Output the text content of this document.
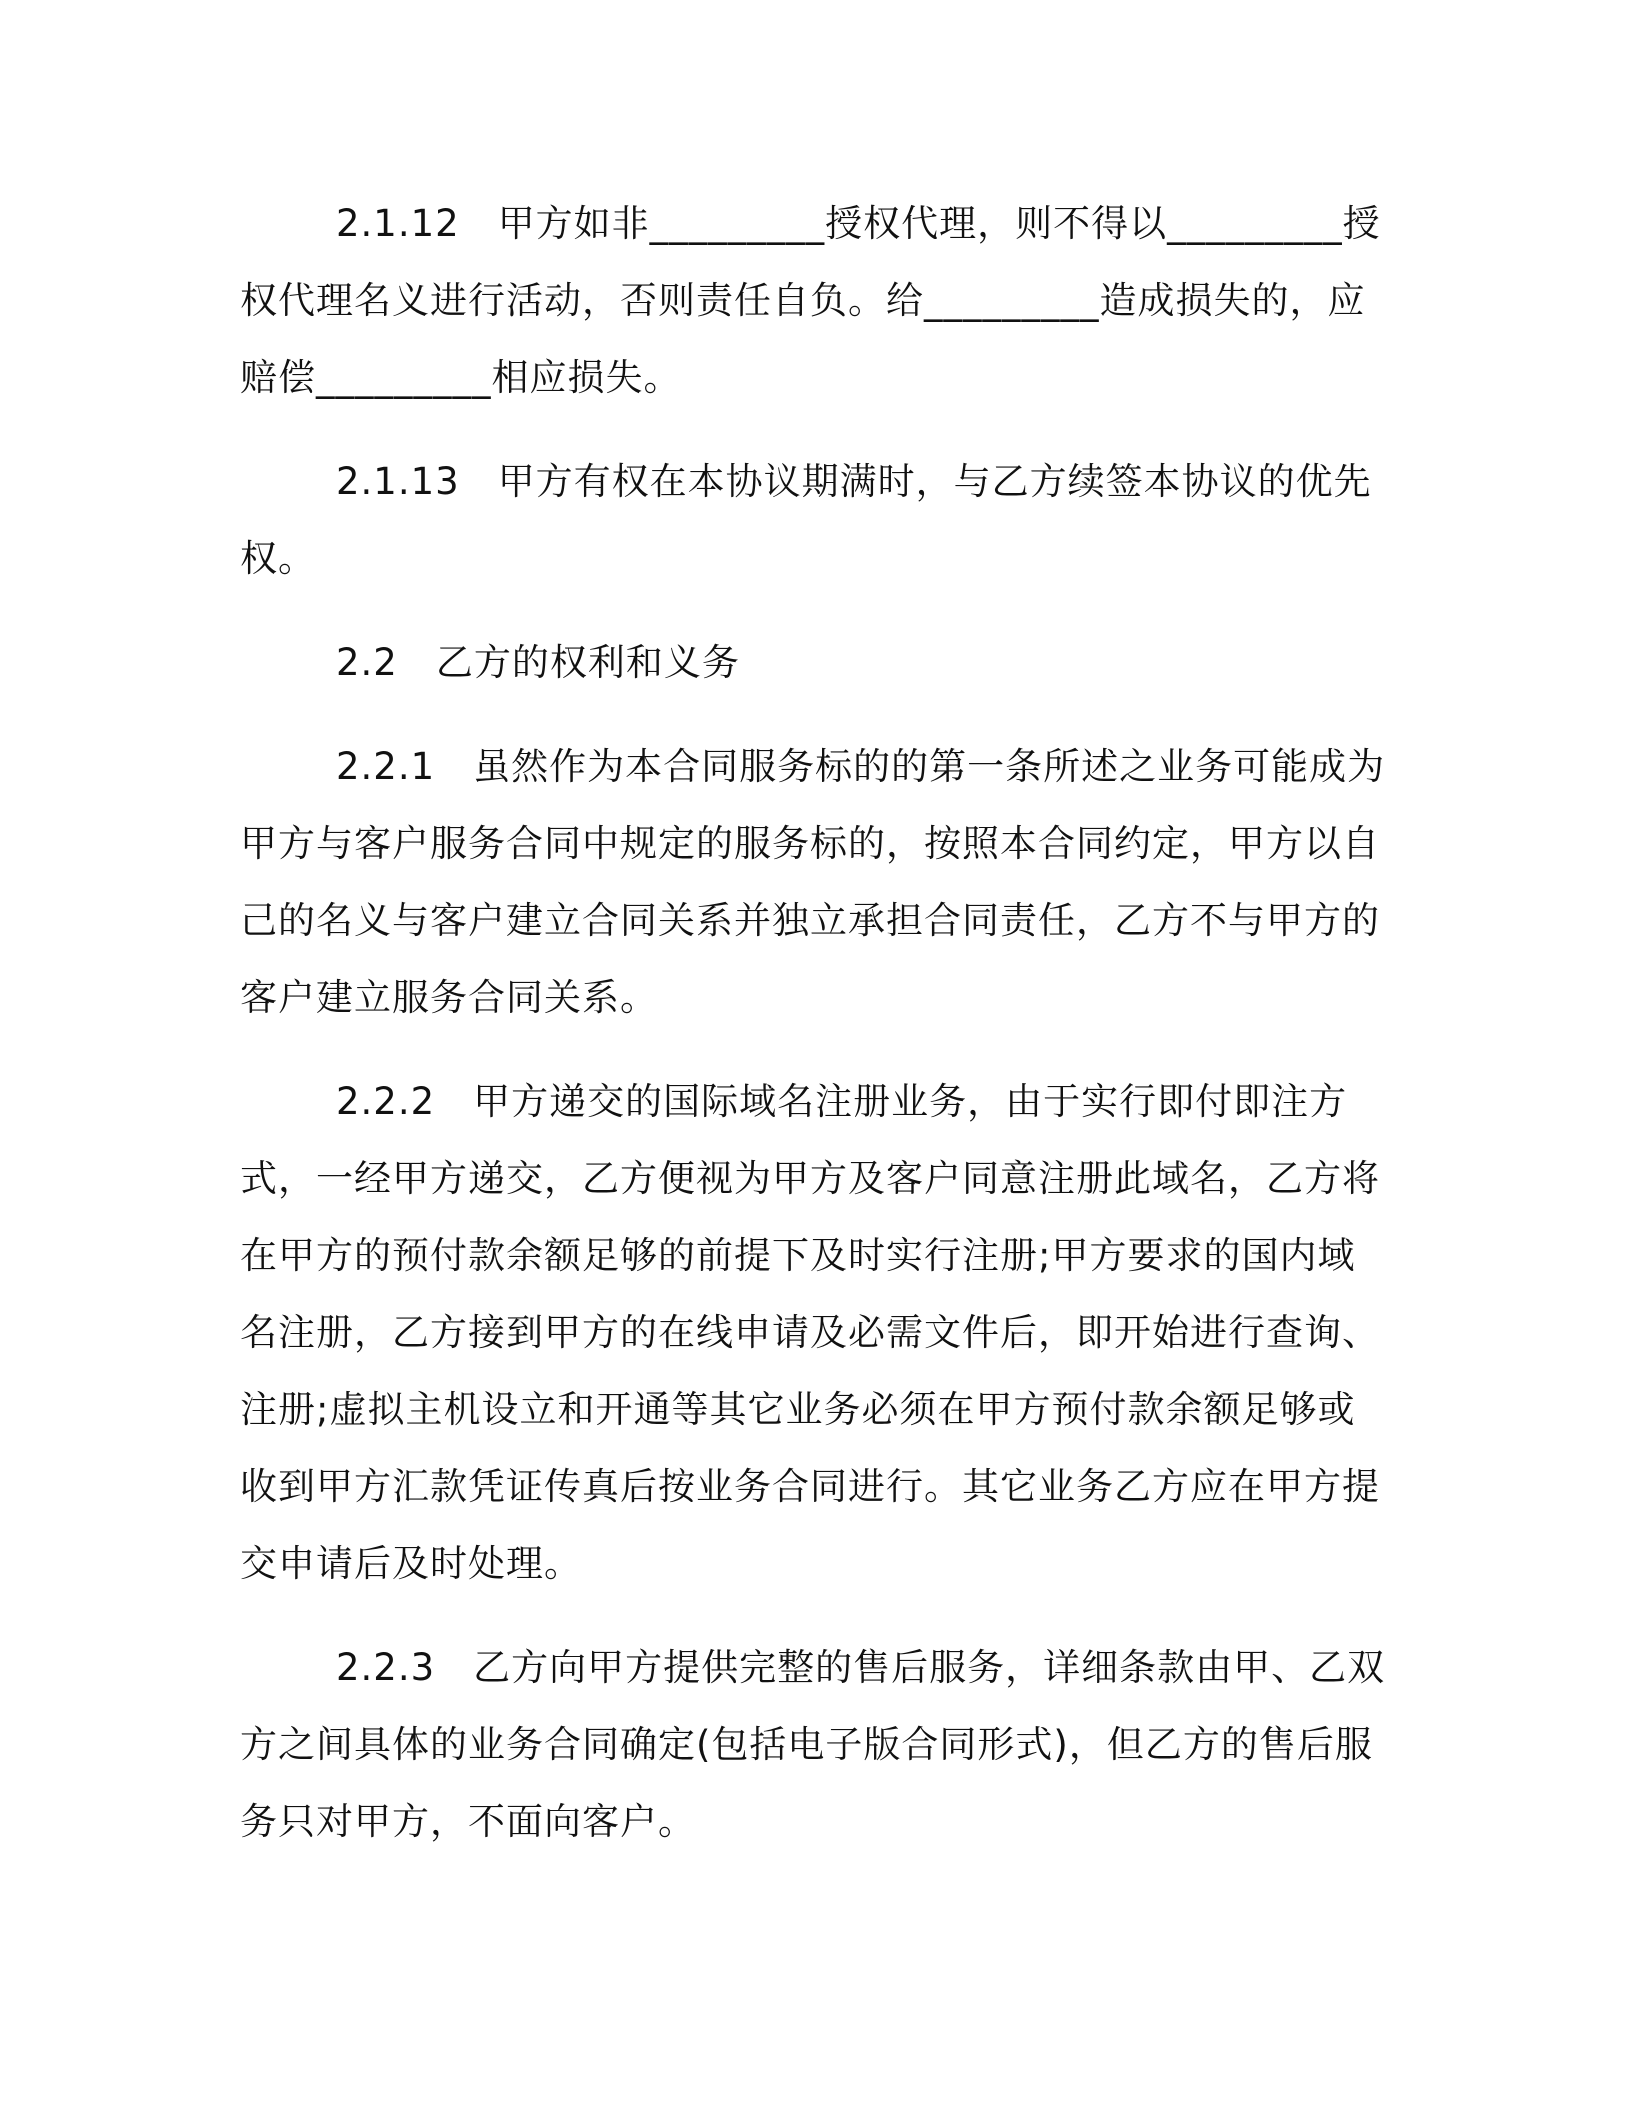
2.1.12 甲方如非_________授权代理，则不得以_________授权代理名义进行活动，否则责任自负。给_________造成损失的，应赔偿_________相应损失。

2.1.13 甲方有权在本协议期满时，与乙方续签本协议的优先权。

2.2 乙方的权利和义务

2.2.1 虽然作为本合同服务标的的第一条所述之业务可能成为甲方与客户服务合同中规定的服务标的，按照本合同约定，甲方以自己的名义与客户建立合同关系并独立承担合同责任，乙方不与甲方的客户建立服务合同关系。

2.2.2 甲方递交的国际域名注册业务，由于实行即付即注方式，一经甲方递交，乙方便视为甲方及客户同意注册此域名，乙方将在甲方的预付款余额足够的前提下及时实行注册;甲方要求的国内域名注册，乙方接到甲方的在线申请及必需文件后，即开始进行查询、注册;虚拟主机设立和开通等其它业务必须在甲方预付款余额足够或收到甲方汇款凭证传真后按业务合同进行。其它业务乙方应在甲方提交申请后及时处理。

2.2.3 乙方向甲方提供完整的售后服务，详细条款由甲、乙双方之间具体的业务合同确定(包括电子版合同形式)，但乙方的售后服务只对甲方，不面向客户。
